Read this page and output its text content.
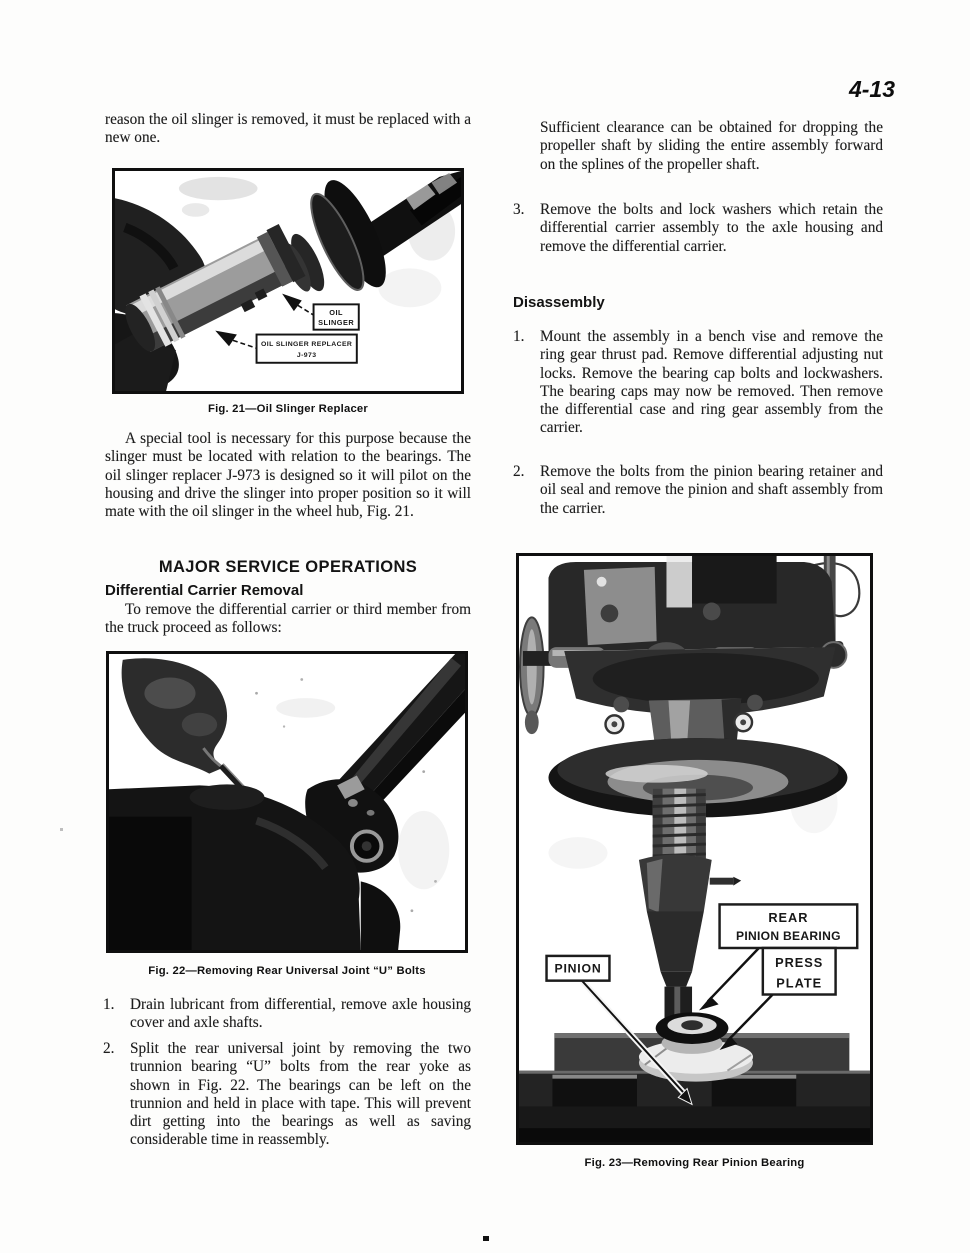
4-13
reason the oil slinger is removed, it must be replaced with a new one.
OIL
SLINGER
OIL SLINGER REPLACER
J-973
Fig. 21—Oil Slinger Replacer
A special tool is necessary for this purpose because the slinger must be located with relation to the bearings. The oil slinger replacer J-973 is designed so it will pilot on the housing and drive the slinger into proper position so it will mate with the oil slinger in the wheel hub, Fig. 21.
MAJOR SERVICE OPERATIONS
Differential Carrier Removal
To remove the differential carrier or third member from the truck proceed as follows:
Fig. 22—Removing Rear Universal Joint “U” Bolts
1.	Drain lubricant from differential, remove axle housing cover and axle shafts.
2.	Split the rear universal joint by removing the two trunnion bearing “U” bolts from the rear yoke as shown in Fig. 22. The bearings can be left on the trunnion and held in place with tape. This will prevent dirt getting into the bearings as well as saving considerable time in reassembly.
Sufficient clearance can be obtained for dropping the propeller shaft by sliding the entire assembly forward on the splines of the propeller shaft.
3.	Remove the bolts and lock washers which retain the differential carrier assembly to the axle housing and remove the differential carrier.
Disassembly
1.	Mount the assembly in a bench vise and remove the ring gear thrust pad. Remove differential adjusting nut locks. Remove the bearing cap bolts and lockwashers. The bearing caps may now be removed. Then remove the differential case and ring gear assembly from the carrier.
2.	Remove the bolts from the pinion bearing retainer and oil seal and remove the pinion and shaft assembly from the carrier.
REAR
PINION BEARING
PINION	PRESS
PLATE
Fig. 23—Removing Rear Pinion Bearing
